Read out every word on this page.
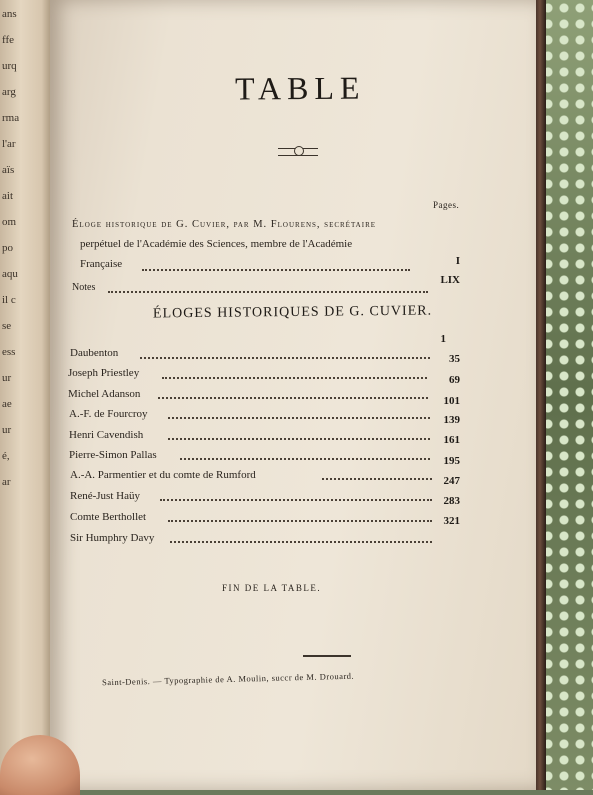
ans
ffe
urq
arg
rma
l'ar
aïs
ait
om
po
aqu
il c
se
ess
ur
ae
ur
é,
ar
TABLE
Pages.
Éloge historique de G. Cuvier, par M. Flourens, secrétaire
perpétuel de l'Académie des Sciences, membre de l'Académie
Française	I
Notes
LIX
ÉLOGES HISTORIQUES DE G. CUVIER.
Daubenton
1
Joseph Priestley
35
Michel Adanson
69
A.-F. de Fourcroy
101
Henri Cavendish
139
Pierre-Simon Pallas
161
A.-A. Parmentier et du comte de Rumford
195
René-Just Haüy
247
Comte Berthollet
283
Sir Humphry Davy
321
FIN DE LA TABLE.
Saint-Denis. — Typographie de A. Moulin, succr de M. Drouard.
